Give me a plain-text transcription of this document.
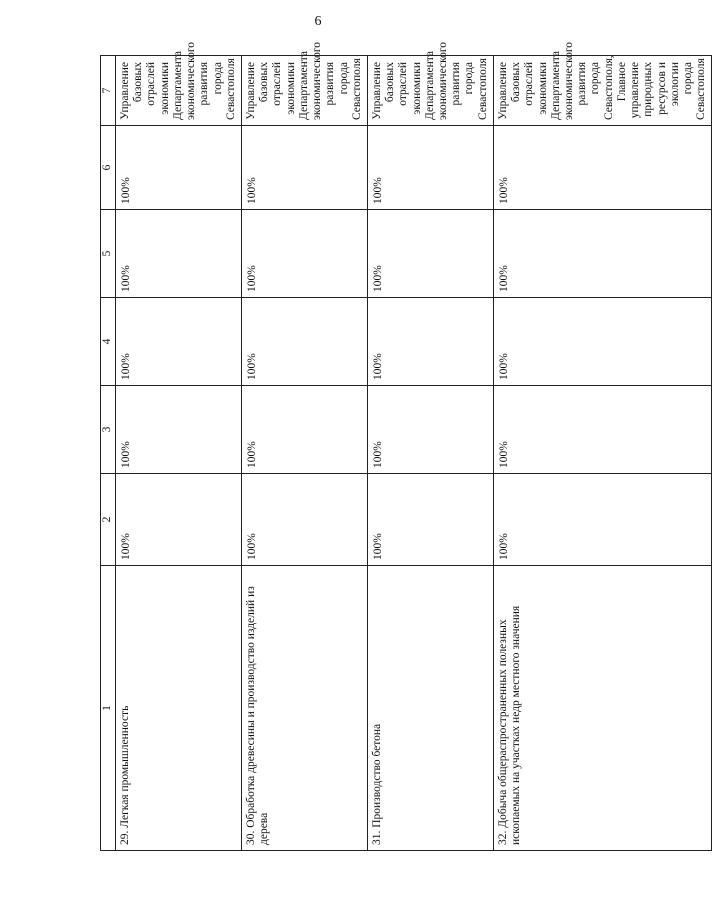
6
1	2	3	4	5	6	7
29. Легкая промышленность	100%	100%	100%	100%	100%	Управление базовых отраслей экономики Департамента экономического развития города Севастополя
30. Обработка древесины и производство изделий из дерева	100%	100%	100%	100%	100%	Управление базовых отраслей экономики Департамента экономического развития города Севастополя
31. Производство бетона	100%	100%	100%	100%	100%	Управление базовых отраслей экономики Департамента экономического развития города Севастополя
32. Добыча общераспространенных полезных ископаемых на участках недр местного значения	100%	100%	100%	100%	100%	Управление базовых отраслей экономики Департамента экономического развития города Севастополя, Главное управление природных ресурсов и экологии города Севастополя
